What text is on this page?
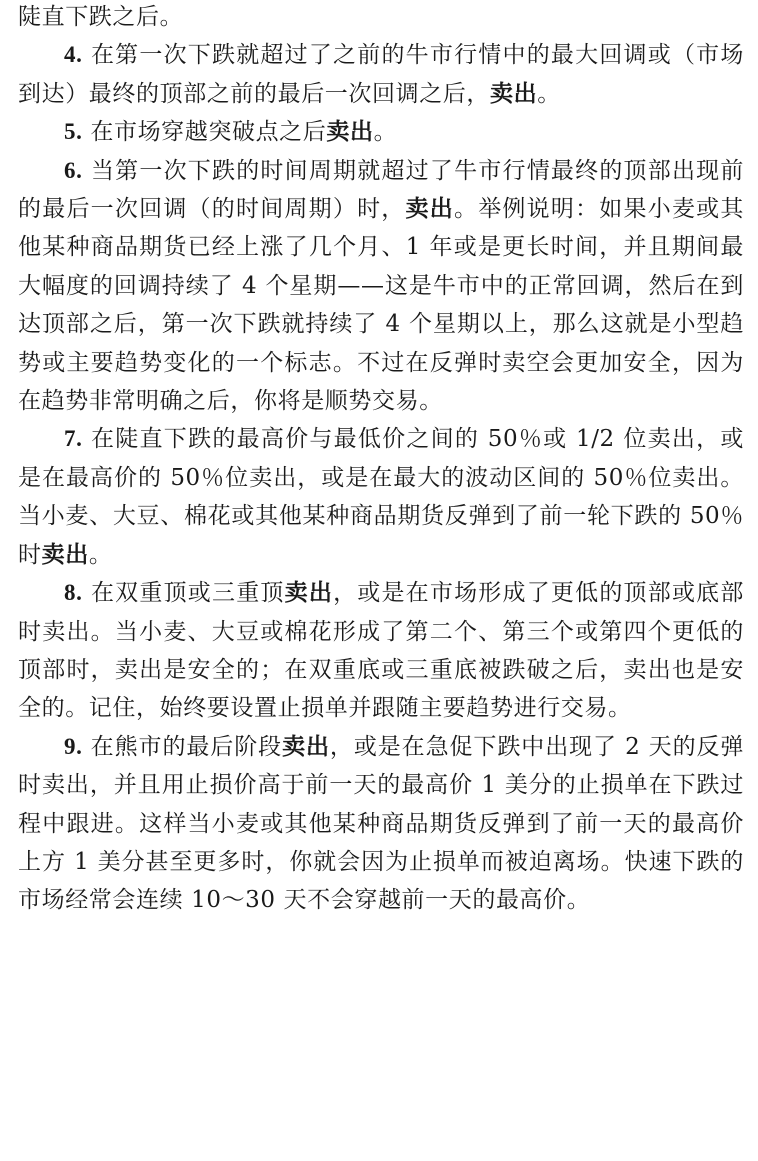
陡直下跌之后。

4. 在第一次下跌就超过了之前的牛市行情中的最大回调或（市场到达）最终的顶部之前的最后一次回调之后，卖出。

5. 在市场穿越突破点之后卖出。

6. 当第一次下跌的时间周期就超过了牛市行情最终的顶部出现前的最后一次回调（的时间周期）时，卖出。举例说明：如果小麦或其他某种商品期货已经上涨了几个月、1 年或是更长时间，并且期间最大幅度的回调持续了 4 个星期——这是牛市中的正常回调，然后在到达顶部之后，第一次下跌就持续了 4 个星期以上，那么这就是小型趋势或主要趋势变化的一个标志。不过在反弹时卖空会更加安全，因为在趋势非常明确之后，你将是顺势交易。

7. 在陡直下跌的最高价与最低价之间的 50％或 1/2 位卖出，或是在最高价的 50％位卖出，或是在最大的波动区间的 50％位卖出。当小麦、大豆、棉花或其他某种商品期货反弹到了前一轮下跌的 50％时卖出。

8. 在双重顶或三重顶卖出，或是在市场形成了更低的顶部或底部时卖出。当小麦、大豆或棉花形成了第二个、第三个或第四个更低的顶部时，卖出是安全的；在双重底或三重底被跌破之后，卖出也是安全的。记住，始终要设置止损单并跟随主要趋势进行交易。

9. 在熊市的最后阶段卖出，或是在急促下跌中出现了 2 天的反弹时卖出，并且用止损价高于前一天的最高价 1 美分的止损单在下跌过程中跟进。这样当小麦或其他某种商品期货反弹到了前一天的最高价上方 1 美分甚至更多时，你就会因为止损单而被迫离场。快速下跌的市场经常会连续 10～30 天不会穿越前一天的最高价。
